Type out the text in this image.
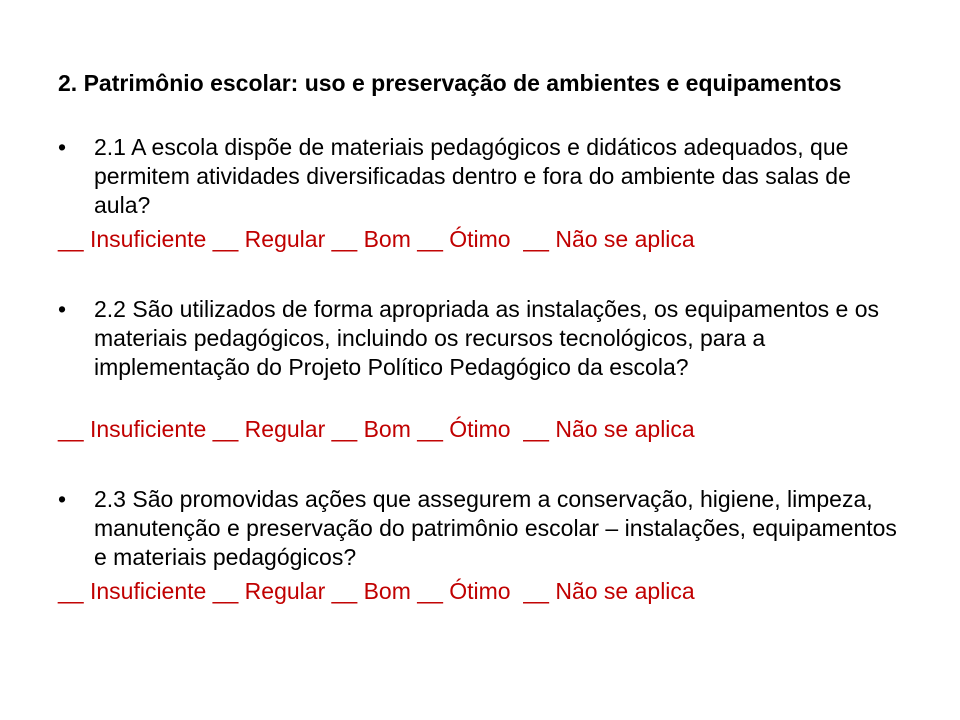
2. Patrimônio escolar: uso e preservação de ambientes e equipamentos
•	2.1 A escola dispõe de materiais pedagógicos e didáticos adequados, que permitem atividades diversificadas dentro e fora do ambiente das salas de aula?
__ Insuficiente __ Regular __ Bom __ Ótimo  __ Não se aplica
•	2.2 São utilizados de forma apropriada as instalações, os equipamentos e os materiais pedagógicos, incluindo os recursos tecnológicos, para a implementação do Projeto Político Pedagógico da escola?
__ Insuficiente __ Regular __ Bom __ Ótimo  __ Não se aplica
•	2.3 São promovidas ações que assegurem a conservação, higiene, limpeza, manutenção e preservação do patrimônio escolar – instalações, equipamentos e materiais pedagógicos?
__ Insuficiente __ Regular __ Bom __ Ótimo  __ Não se aplica
